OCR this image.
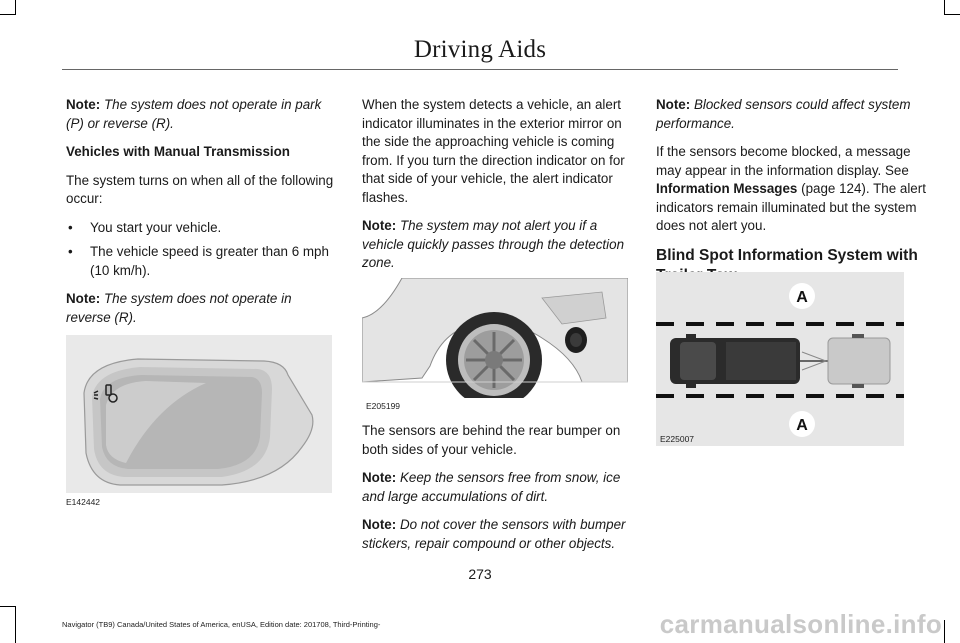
Driving Aids

Note: The system does not operate in park (P) or reverse (R).

Vehicles with Manual Transmission

The system turns on when all of the following occur:

• You start your vehicle.
• The vehicle speed is greater than 6 mph (10 km/h).

Note: The system does not operate in reverse (R).

E142442

When the system detects a vehicle, an alert indicator illuminates in the exterior mirror on the side the approaching vehicle is coming from. If you turn the direction indicator on for that side of your vehicle, the alert indicator flashes.

Note: The system may not alert you if a vehicle quickly passes through the detection zone.

E205199

The sensors are behind the rear bumper on both sides of your vehicle.

Note: Keep the sensors free from snow, ice and large accumulations of dirt.

Note: Do not cover the sensors with bumper stickers, repair compound or other objects.

Note: Blocked sensors could affect system performance.

If the sensors become blocked, a message may appear in the information display. See Information Messages (page 124). The alert indicators remain illuminated but the system does not alert you.

Blind Spot Information System with
A
A
E225007
273
Navigator (TB9) Canada/United States of America, enUSA, Edition date: 201708, Third-Printing-	carmanualsonline.info
